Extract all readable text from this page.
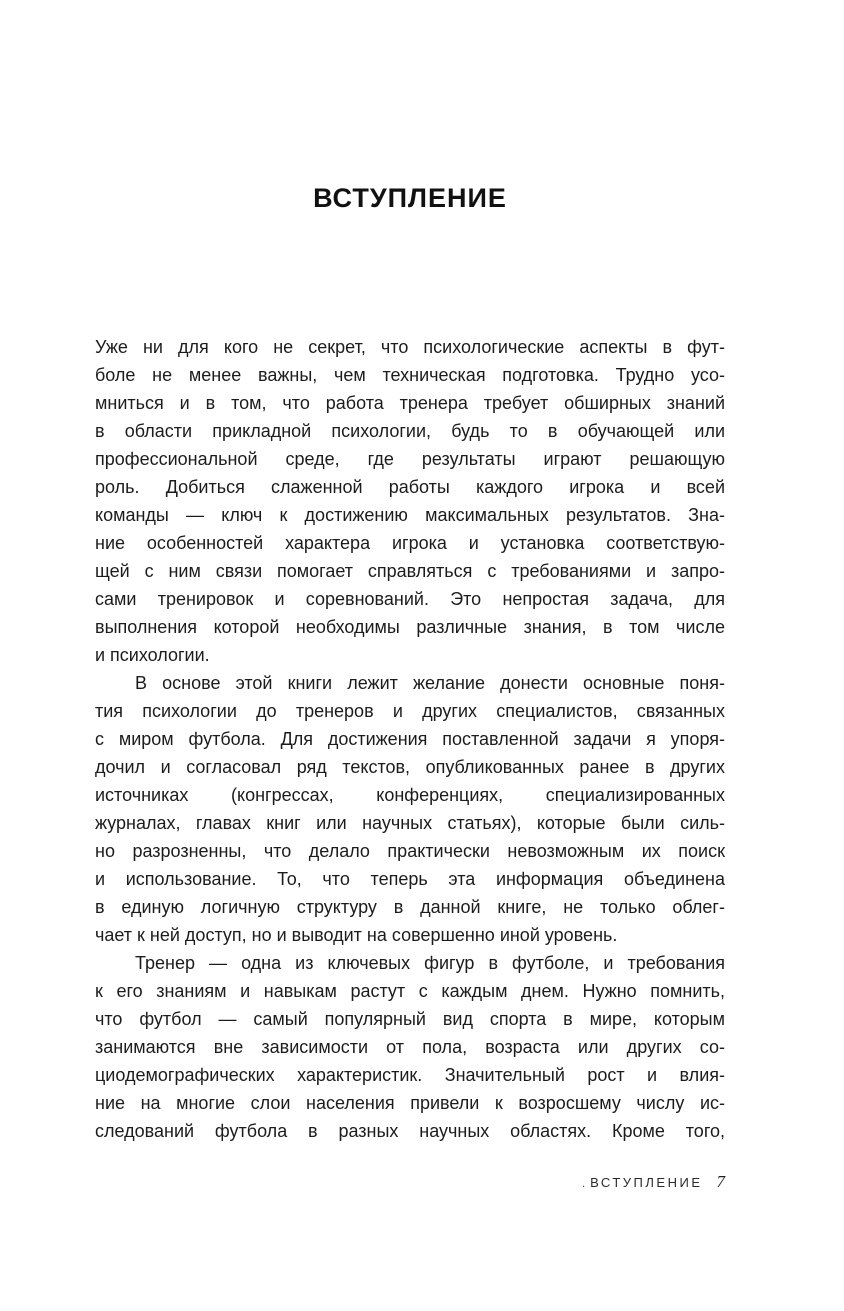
ВСТУПЛЕНИЕ
Уже ни для кого не секрет, что психологические аспекты в фут-
боле не менее важны, чем техническая подготовка. Трудно усо-
мниться и в том, что работа тренера требует обширных знаний
в области прикладной психологии, будь то в обучающей или
профессиональной среде, где результаты играют решающую
роль. Добиться слаженной работы каждого игрока и всей
команды — ключ к достижению максимальных результатов. Зна-
ние особенностей характера игрока и установка соответствую-
щей с ним связи помогает справляться с требованиями и запро-
сами тренировок и соревнований. Это непростая задача, для
выполнения которой необходимы различные знания, в том числе
и психологии.
В основе этой книги лежит желание донести основные поня-
тия психологии до тренеров и других специалистов, связанных
с миром футбола. Для достижения поставленной задачи я упоря-
дочил и согласовал ряд текстов, опубликованных ранее в других
источниках (конгрессах, конференциях, специализированных
журналах, главах книг или научных статьях), которые были силь-
но разрозненны, что делало практически невозможным их поиск
и использование. То, что теперь эта информация объединена
в единую логичную структуру в данной книге, не только облег-
чает к ней доступ, но и выводит на совершенно иной уровень.
Тренер — одна из ключевых фигур в футболе, и требования
к его знаниям и навыкам растут с каждым днем. Нужно помнить,
что футбол — самый популярный вид спорта в мире, которым
занимаются вне зависимости от пола, возраста или других со-
циодемографических характеристик. Значительный рост и влия-
ние на многие слои населения привели к возросшему числу ис-
следований футбола в разных научных областях. Кроме того,
. ВСТУПЛЕНИЕ 7
